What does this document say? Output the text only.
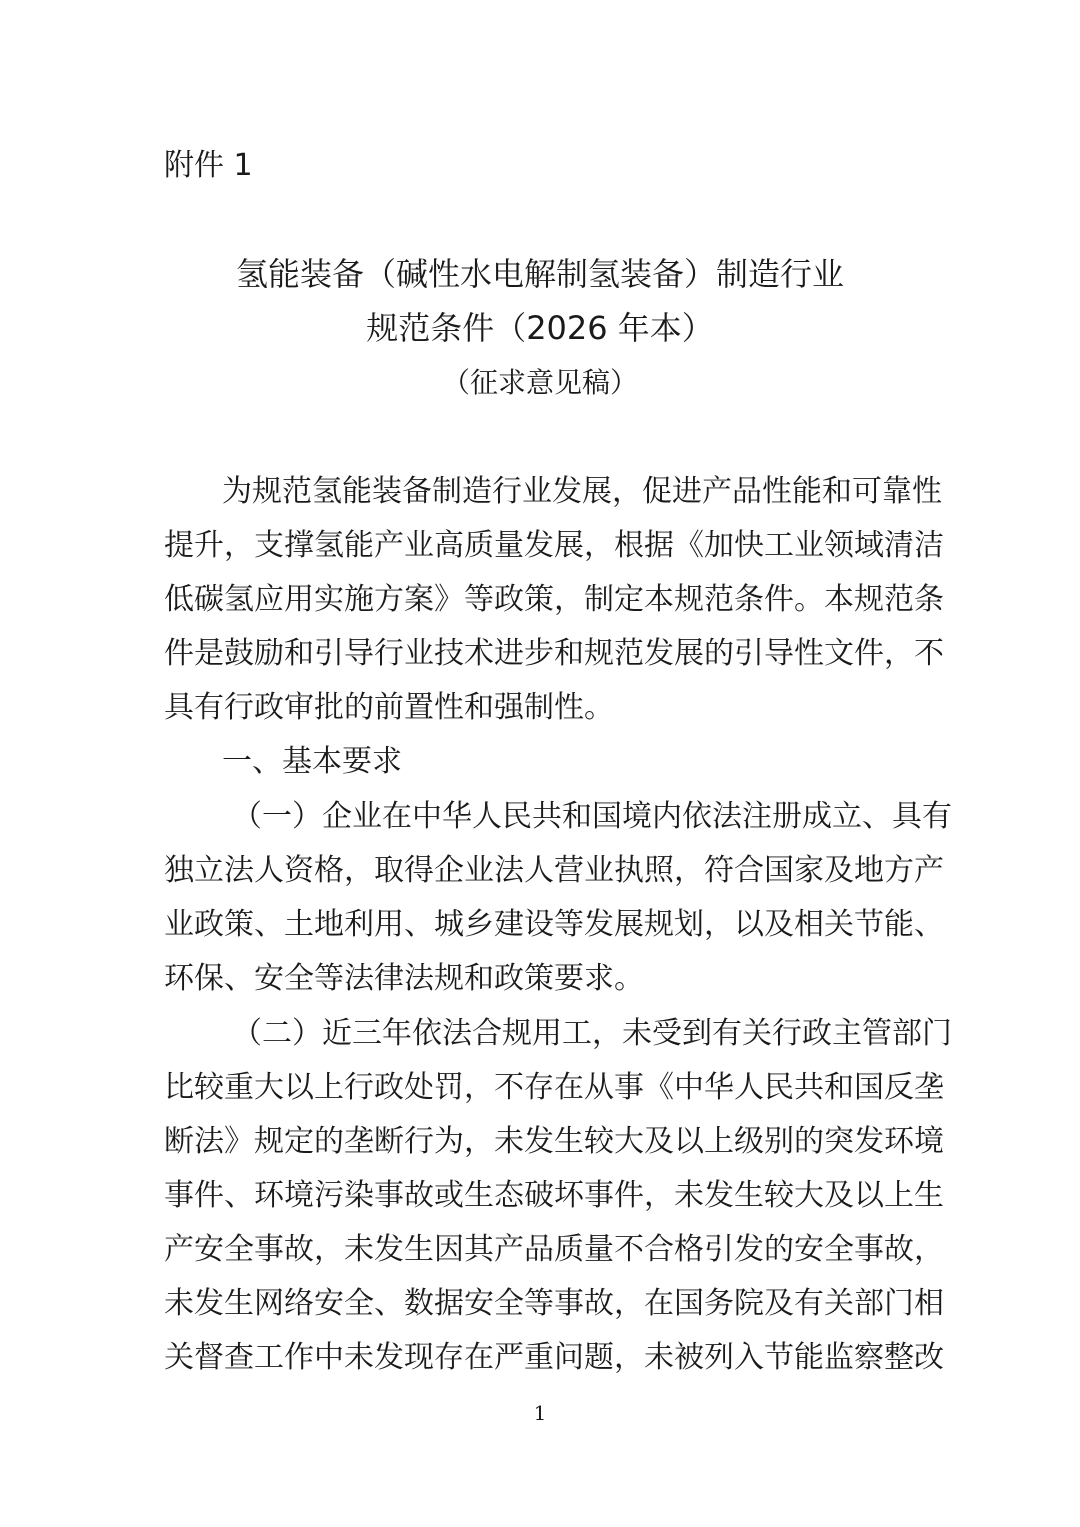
附件 1
氢能装备（碱性水电解制氢装备）制造行业
规范条件（2026 年本）
（征求意见稿）
为规范氢能装备制造行业发展，促进产品性能和可靠性
提升，支撑氢能产业高质量发展，根据《加快工业领域清洁
低碳氢应用实施方案》等政策，制定本规范条件。本规范条
件是鼓励和引导行业技术进步和规范发展的引导性文件，不
具有行政审批的前置性和强制性。
一、基本要求
（一）企业在中华人民共和国境内依法注册成立、具有
独立法人资格，取得企业法人营业执照，符合国家及地方产
业政策、土地利用、城乡建设等发展规划，以及相关节能、
环保、安全等法律法规和政策要求。
（二）近三年依法合规用工，未受到有关行政主管部门
比较重大以上行政处罚，不存在从事《中华人民共和国反垄
断法》规定的垄断行为，未发生较大及以上级别的突发环境
事件、环境污染事故或生态破坏事件，未发生较大及以上生
产安全事故，未发生因其产品质量不合格引发的安全事故，
未发生网络安全、数据安全等事故，在国务院及有关部门相
关督查工作中未发现存在严重问题，未被列入节能监察整改
1
